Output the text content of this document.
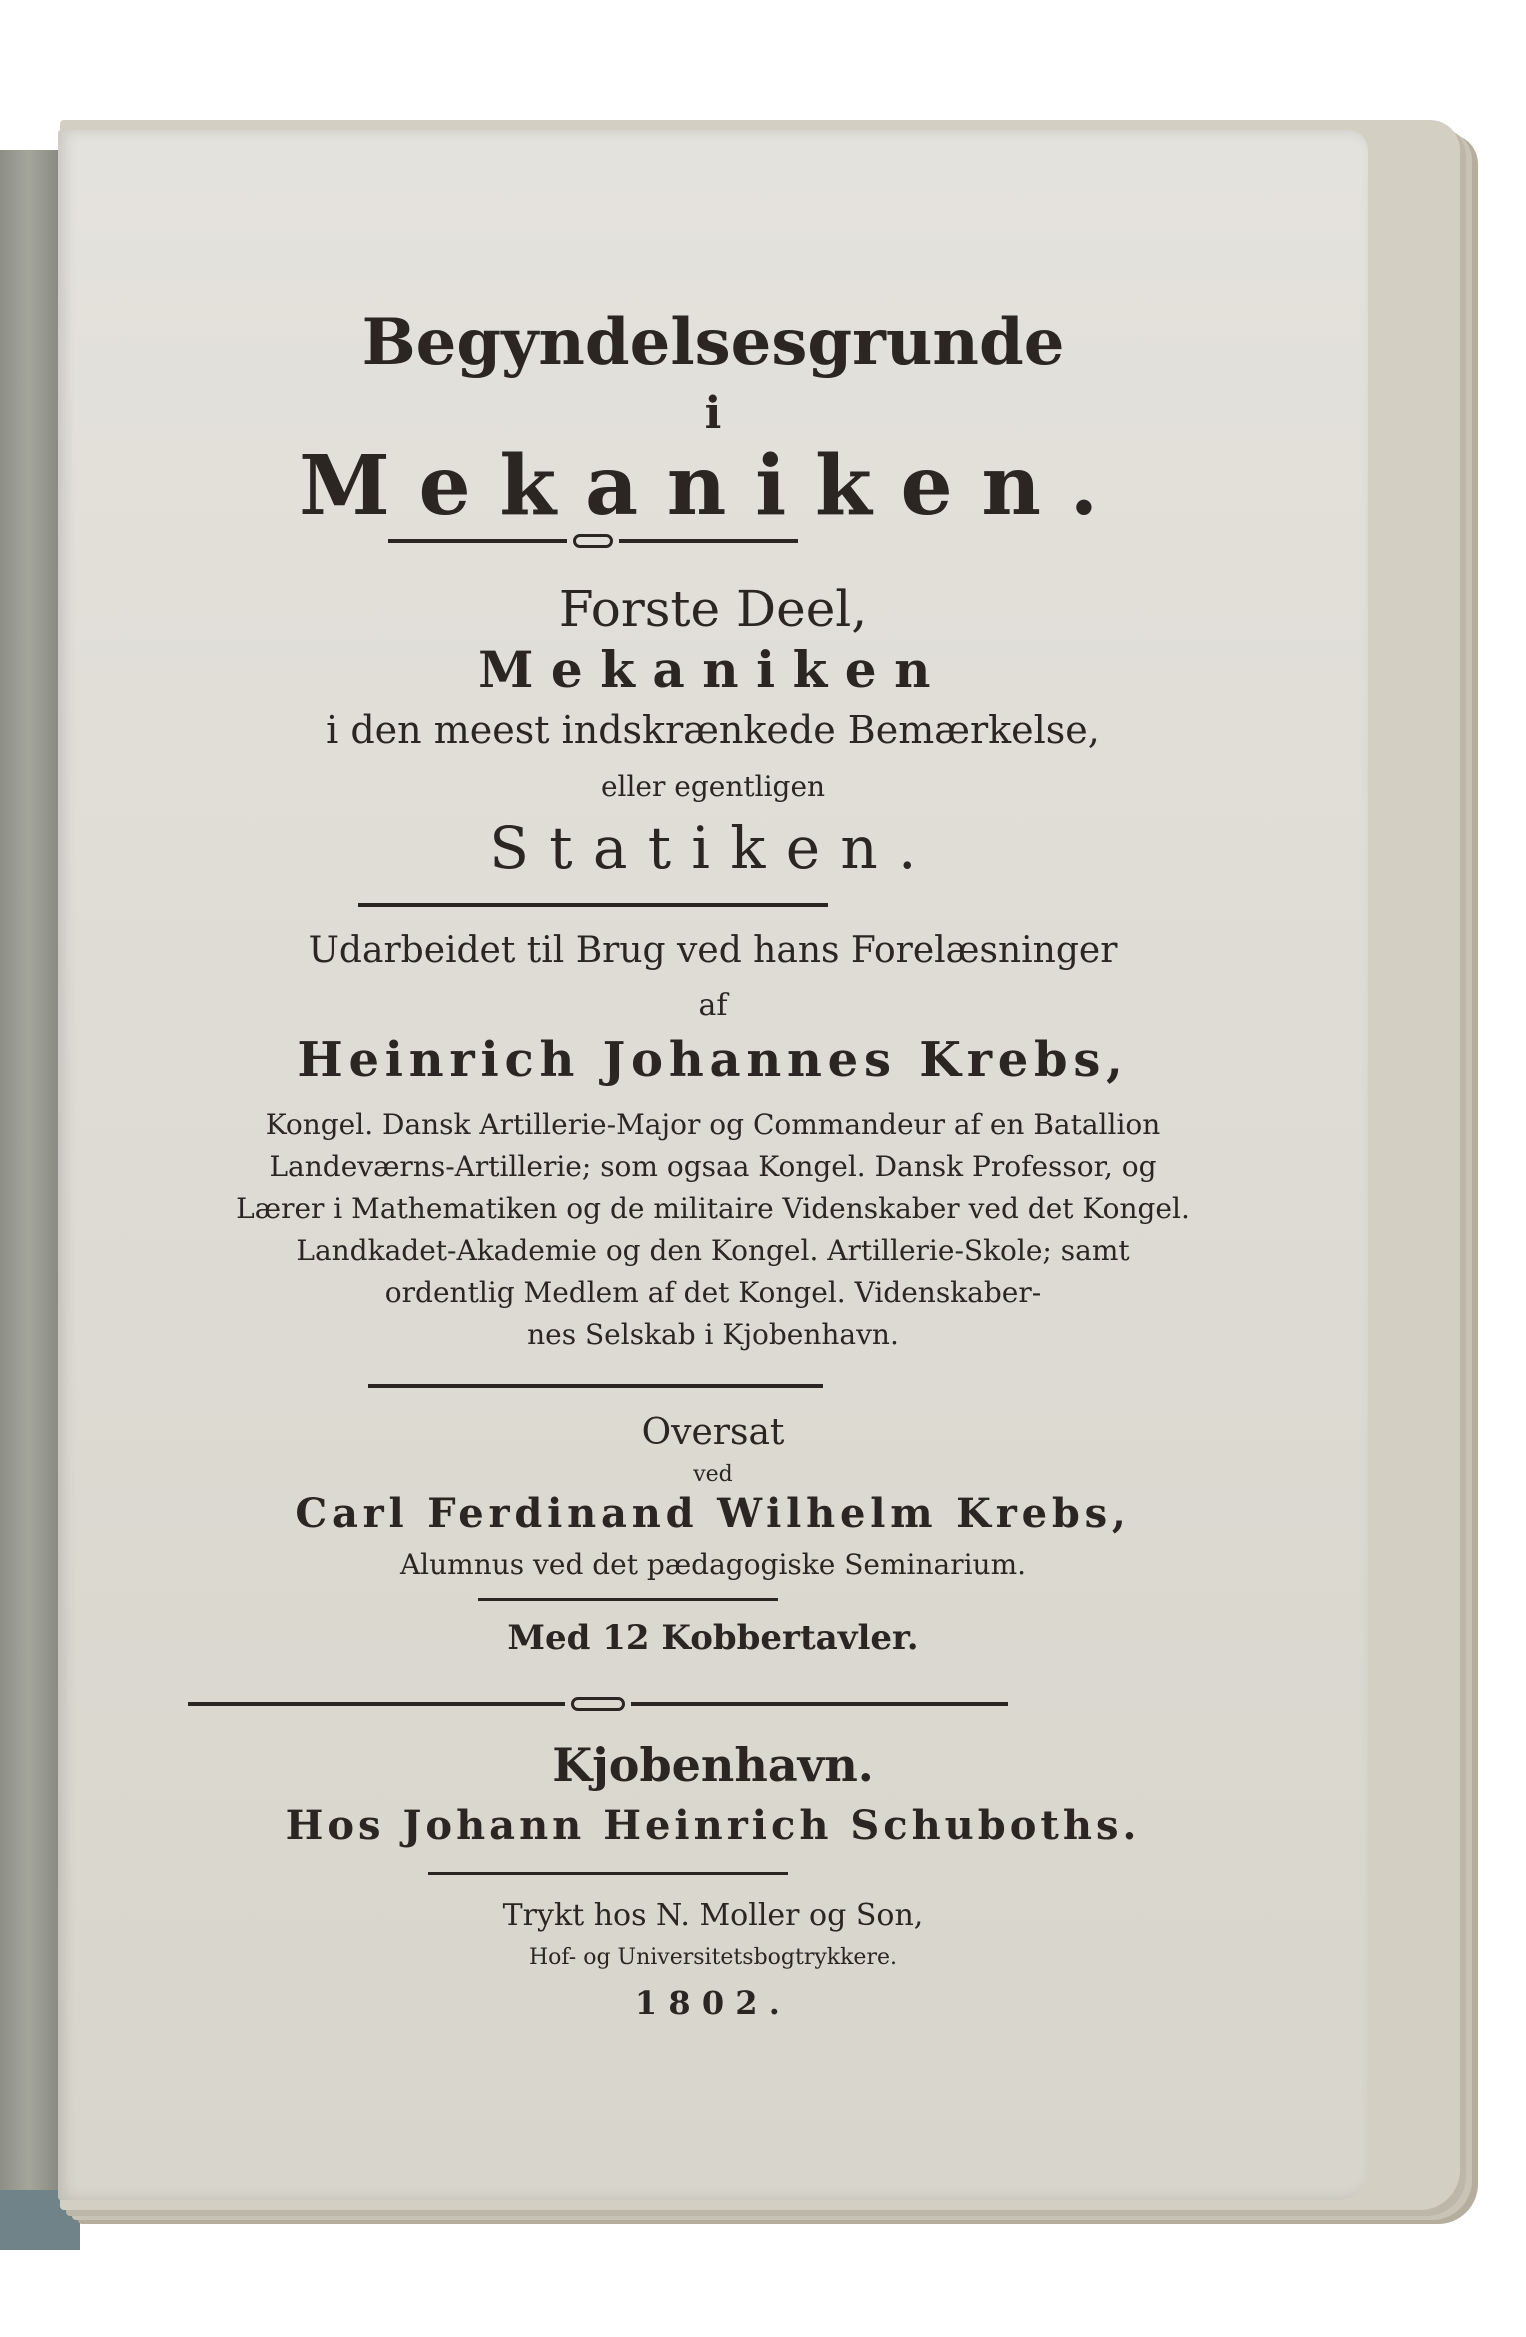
Begyndelsesgrunde
i
Mekaniken.
Forste Deel,
Mekaniken
i den meest indskrænkede Bemærkelse,
eller egentligen
Statiken.
Udarbeidet til Brug ved hans Forelæsninger
af
Heinrich Johannes Krebs,
Kongel. Dansk Artillerie-Major og Commandeur af en Batallion
Landeværns-Artillerie; som ogsaa Kongel. Dansk Professor, og
Lærer i Mathematiken og de militaire Videnskaber ved det Kongel.
Landkadet-Akademie og den Kongel. Artillerie-Skole; samt
ordentlig Medlem af det Kongel. Videnskaber-
nes Selskab i Kjobenhavn.
Oversat
ved
Carl Ferdinand Wilhelm Krebs,
Alumnus ved det pædagogiske Seminarium.
Med 12 Kobbertavler.
Kjobenhavn.
Hos Johann Heinrich Schuboths.
Trykt hos N. Moller og Son,
Hof- og Universitetsbogtrykkere.
1802.
